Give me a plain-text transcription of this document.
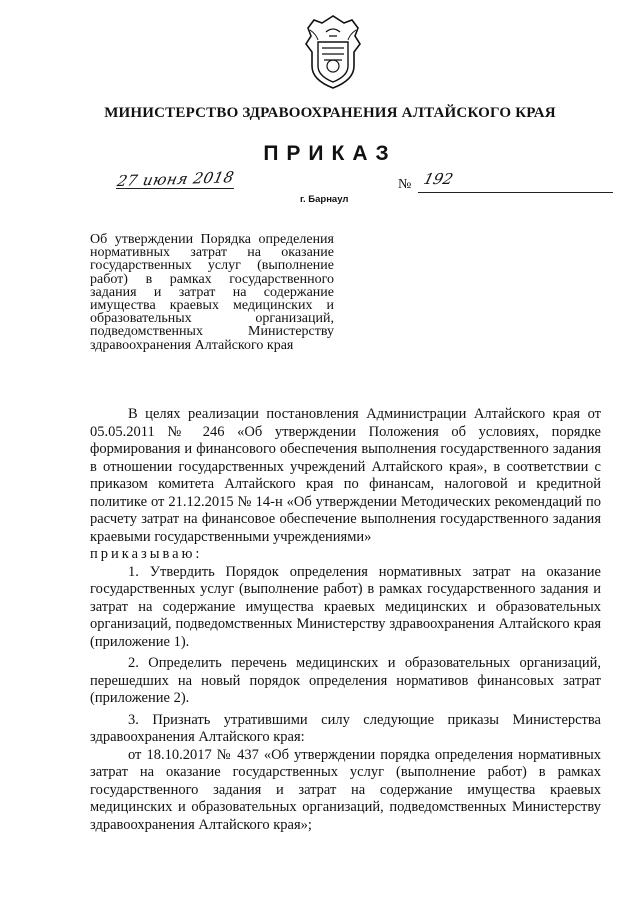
МИНИСТЕРСТВО ЗДРАВООХРАНЕНИЯ АЛТАЙСКОГО КРАЯ
ПРИКАЗ
27 июня 2018
г. Барнаул
№ 192
Об утверждении Порядка определения нормативных затрат на оказание государственных услуг (выполнение работ) в рамках государственного задания и затрат на содержание имущества краевых медицинских и образовательных организаций, подведомственных Министерству здравоохранения Алтайского края

В целях реализации постановления Администрации Алтайского края от 05.05.2011 № 246 «Об утверждении Положения об условиях, порядке формирования и финансового обеспечения выполнения государственного задания в отношении государственных учреждений Алтайского края», в соответствии с приказом комитета Алтайского края по финансам, налоговой и кредитной политике от 21.12.2015 № 14-н «Об утверждении Методических рекомендаций по расчету затрат на финансовое обеспечение выполнения государственного задания краевыми государственными учреждениями»

приказываю:

1. Утвердить Порядок определения нормативных затрат на оказание государственных услуг (выполнение работ) в рамках государственного задания и затрат на содержание имущества краевых медицинских и образовательных организаций, подведомственных Министерству здравоохранения Алтайского края (приложение 1).

2. Определить перечень медицинских и образовательных организаций, перешедших на новый порядок определения нормативов финансовых затрат (приложение 2).

3. Признать утратившими силу следующие приказы Министерства здравоохранения Алтайского края:

от 18.10.2017 № 437 «Об утверждении порядка определения нормативных затрат на оказание государственных услуг (выполнение работ) в рамках государственного задания и затрат на содержание имущества краевых медицинских и образовательных организаций, подведомственных Министерству здравоохранения Алтайского края»;
